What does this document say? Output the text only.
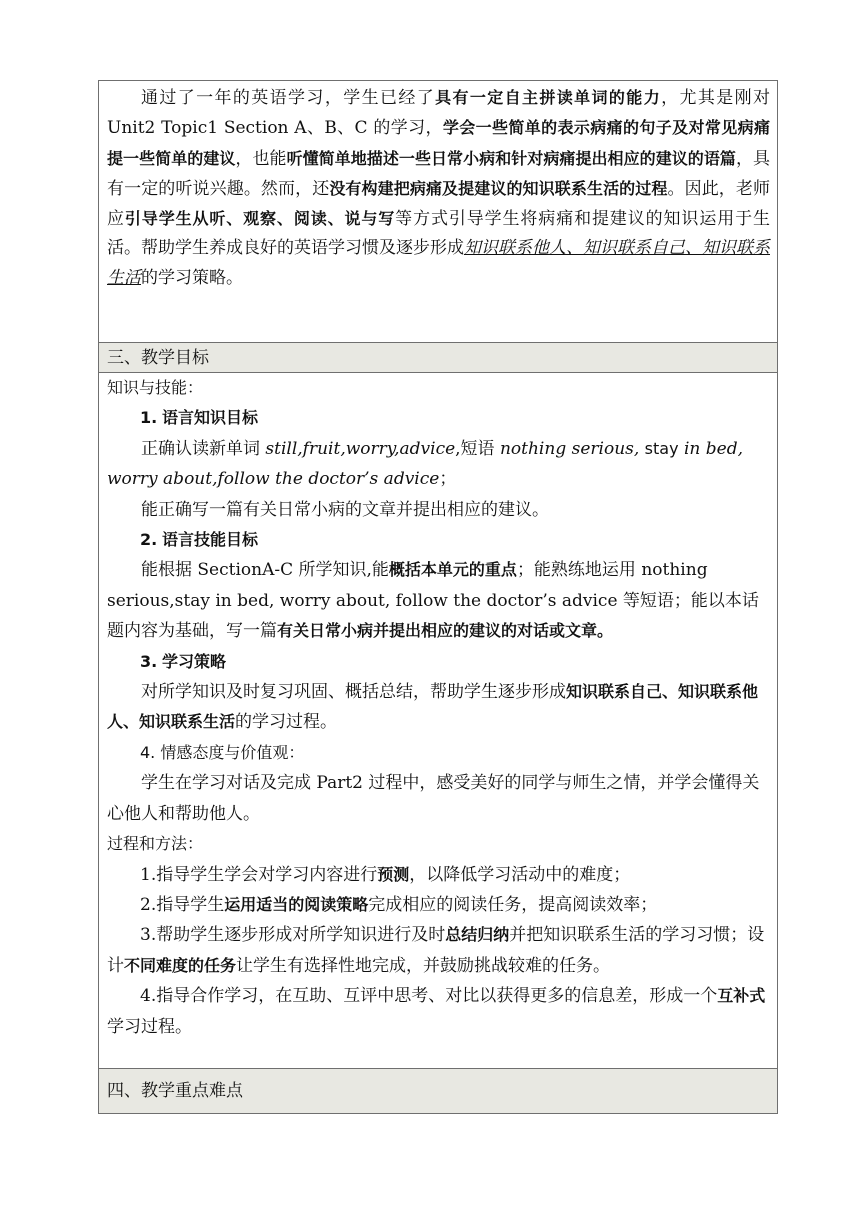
通过了一年的英语学习，学生已经了具有一定自主拼读单词的能力，尤其是刚对 Unit2 Topic1 Section A、B、C 的学习，学会一些简单的表示病痛的句子及对常见病痛提一些简单的建议，也能听懂简单地描述一些日常小病和针对病痛提出相应的建议的语篇，具有一定的听说兴趣。然而，还没有构建把病痛及提建议的知识联系生活的过程。因此，老师应引导学生从听、观察、阅读、说与写等方式引导学生将病痛和提建议的知识运用于生活。帮助学生养成良好的英语学习惯及逐步形成知识联系他人、知识联系自己、知识联系生活的学习策略。

三、教学目标

知识与技能：

1. 语言知识目标

正确认读新单词 still,fruit,worry,advice,短语 nothing serious, stay in bed, worry about,follow the doctor’s advice；

能正确写一篇有关日常小病的文章并提出相应的建议。

2. 语言技能目标

能根据 SectionA-C 所学知识,能概括本单元的重点；能熟练地运用 nothing serious,stay in bed, worry about, follow the doctor’s advice 等短语；能以本话题内容为基础，写一篇有关日常小病并提出相应的建议的对话或文章。

3. 学习策略

对所学知识及时复习巩固、概括总结，帮助学生逐步形成知识联系自己、知识联系他人、知识联系生活的学习过程。

4. 情感态度与价值观：

学生在学习对话及完成 Part2 过程中，感受美好的同学与师生之情，并学会懂得关心他人和帮助他人。

过程和方法：

1.指导学生学会对学习内容进行预测，以降低学习活动中的难度；

2.指导学生运用适当的阅读策略完成相应的阅读任务，提高阅读效率；

3.帮助学生逐步形成对所学知识进行及时总结归纳并把知识联系生活的学习习惯；设计不同难度的任务让学生有选择性地完成，并鼓励挑战较难的任务。

4.指导合作学习，在互助、互评中思考、对比以获得更多的信息差，形成一个互补式学习过程。

四、教学重点难点
